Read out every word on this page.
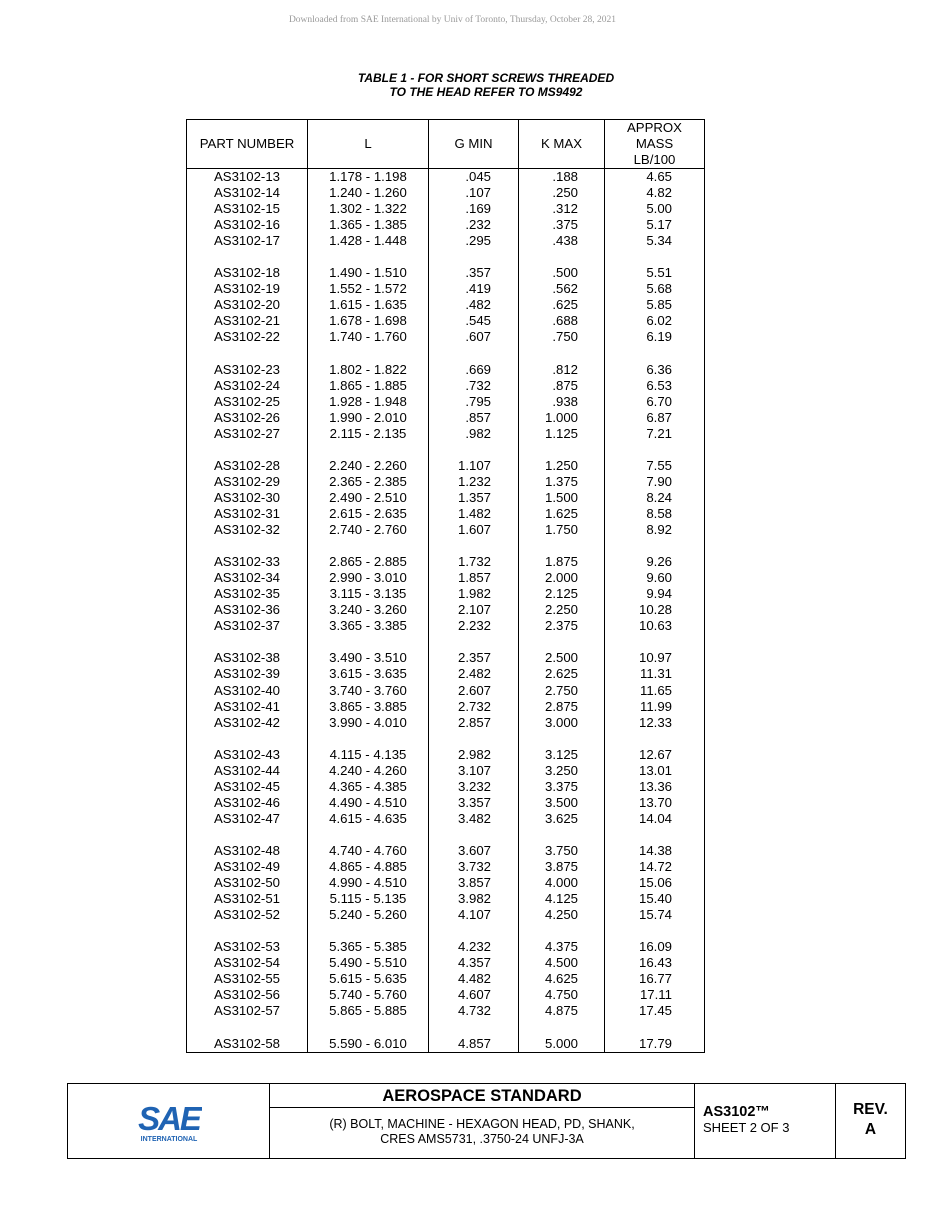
Downloaded from SAE International by Univ of Toronto, Thursday, October 28, 2021
TABLE 1 - FOR SHORT SCREWS THREADED
TO THE HEAD REFER TO MS9492
PART NUMBER	L	G MIN	K MAX	APPROX
MASS
LB/100

AS3102-13	1.178 - 1.198	.045	.188	4.65
AS3102-14	1.240 - 1.260	.107	.250	4.82
AS3102-15	1.302 - 1.322	.169	.312	5.00
AS3102-16	1.365 - 1.385	.232	.375	5.17
AS3102-17	1.428 - 1.448	.295	.438	5.34

AS3102-18	1.490 - 1.510	.357	.500	5.51
AS3102-19	1.552 - 1.572	.419	.562	5.68
AS3102-20	1.615 - 1.635	.482	.625	5.85
AS3102-21	1.678 - 1.698	.545	.688	6.02
AS3102-22	1.740 - 1.760	.607	.750	6.19

AS3102-23	1.802 - 1.822	.669	.812	6.36
AS3102-24	1.865 - 1.885	.732	.875	6.53
AS3102-25	1.928 - 1.948	.795	.938	6.70
AS3102-26	1.990 - 2.010	.857	1.000	6.87
AS3102-27	2.115 - 2.135	.982	1.125	7.21

AS3102-28	2.240 - 2.260	1.107	1.250	7.55
AS3102-29	2.365 - 2.385	1.232	1.375	7.90
AS3102-30	2.490 - 2.510	1.357	1.500	8.24
AS3102-31	2.615 - 2.635	1.482	1.625	8.58
AS3102-32	2.740 - 2.760	1.607	1.750	8.92

AS3102-33	2.865 - 2.885	1.732	1.875	9.26
AS3102-34	2.990 - 3.010	1.857	2.000	9.60
AS3102-35	3.115 - 3.135	1.982	2.125	9.94
AS3102-36	3.240 - 3.260	2.107	2.250	10.28
AS3102-37	3.365 - 3.385	2.232	2.375	10.63

AS3102-38	3.490 - 3.510	2.357	2.500	10.97
AS3102-39	3.615 - 3.635	2.482	2.625	11.31
AS3102-40	3.740 - 3.760	2.607	2.750	11.65
AS3102-41	3.865 - 3.885	2.732	2.875	11.99
AS3102-42	3.990 - 4.010	2.857	3.000	12.33

AS3102-43	4.115 - 4.135	2.982	3.125	12.67
AS3102-44	4.240 - 4.260	3.107	3.250	13.01
AS3102-45	4.365 - 4.385	3.232	3.375	13.36
AS3102-46	4.490 - 4.510	3.357	3.500	13.70
AS3102-47	4.615 - 4.635	3.482	3.625	14.04

AS3102-48	4.740 - 4.760	3.607	3.750	14.38
AS3102-49	4.865 - 4.885	3.732	3.875	14.72
AS3102-50	4.990 - 4.510	3.857	4.000	15.06
AS3102-51	5.115 - 5.135	3.982	4.125	15.40
AS3102-52	5.240 - 5.260	4.107	4.250	15.74

AS3102-53	5.365 - 5.385	4.232	4.375	16.09
AS3102-54	5.490 - 5.510	4.357	4.500	16.43
AS3102-55	5.615 - 5.635	4.482	4.625	16.77
AS3102-56	5.740 - 5.760	4.607	4.750	17.11
AS3102-57	5.865 - 5.885	4.732	4.875	17.45

AS3102-58	5.590 - 6.010	4.857	5.000	17.79
SAE
INTERNATIONAL
AEROSPACE STANDARD
(R) BOLT, MACHINE - HEXAGON HEAD, PD, SHANK,
CRES AMS5731, .3750-24 UNFJ-3A
AS3102™
SHEET 2 OF 3
REV.
A
